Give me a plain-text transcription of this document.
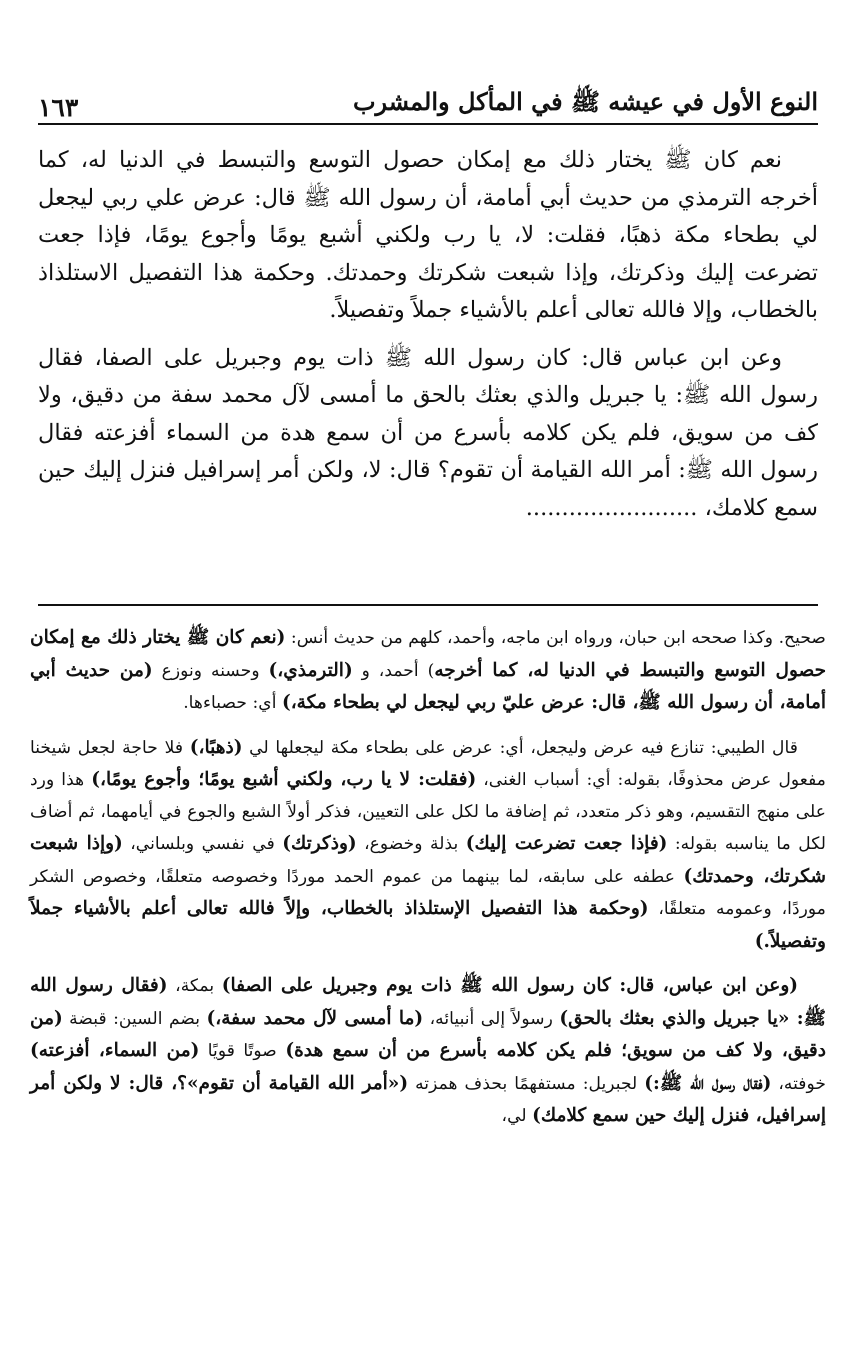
النوع الأول في عيشه ﷺ في المأكل والمشرب
١٦٣

نعم كان ﷺ يختار ذلك مع إمكان حصول التوسع والتبسط في الدنيا له، كما أخرجه الترمذي من حديث أبي أمامة، أن رسول الله ﷺ قال: عرض علي ربي ليجعل لي بطحاء مكة ذهبًا، فقلت: لا، يا رب ولكني أشبع يومًا وأجوع يومًا، فإذا جعت تضرعت إليك وذكرتك، وإذا شبعت شكرتك وحمدتك. وحكمة هذا التفصيل الاستلذاذ بالخطاب، وإلا فالله تعالى أعلم بالأشياء جملاً وتفصيلاً.

وعن ابن عباس قال: كان رسول الله ﷺ ذات يوم وجبريل على الصفا، فقال رسول الله ﷺ: يا جبريل والذي بعثك بالحق ما أمسى لآل محمد سفة من دقيق، ولا كف من سويق، فلم يكن كلامه بأسرع من أن سمع هدة من السماء أفزعته فقال رسول الله ﷺ: أمر الله القيامة أن تقوم؟ قال: لا، ولكن أمر إسرافيل فنزل إليك حين سمع كلامك، ........................

صحيح. وكذا صححه ابن حبان، ورواه ابن ماجه، وأحمد، كلهم من حديث أنس: (نعم كان ﷺ يختار ذلك مع إمكان حصول التوسع والتبسط في الدنيا له، كما أخرجه) أحمد، و (الترمذي،) وحسنه ونوزع (من حديث أبي أمامة، أن رسول الله ﷺ، قال: عرض عليّ ربي ليجعل لي بطحاء مكة،) أي: حصباءها.

قال الطيبي: تنازع فيه عرض وليجعل، أي: عرض على بطحاء مكة ليجعلها لي (ذهبًا،) فلا حاجة لجعل شيخنا مفعول عرض محذوفًا، بقوله: أي: أسباب الغنى، (فقلت: لا يا رب، ولكني أشبع يومًا؛ وأجوع يومًا،) هذا ورد على منهج التقسيم، وهو ذكر متعدد، ثم إضافة ما لكل على التعيين، فذكر أولاً الشبع والجوع في أيامهما، ثم أضاف لكل ما يناسبه بقوله: (فإذا جعت تضرعت إليك) بذلة وخضوع، (وذكرتك) في نفسي وبلساني، (وإذا شبعت شكرتك، وحمدتك) عطفه على سابقه، لما بينهما من عموم الحمد موردًا وخصوصه متعلقًا، وخصوص الشكر موردًا، وعمومه متعلقًا، (وحكمة هذا التفصيل الإستلذاذ بالخطاب، وإلاً فالله تعالى أعلم بالأشياء جملاً وتفصيلاً.)

(وعن ابن عباس، قال: كان رسول الله ﷺ ذات يوم وجبريل على الصفا) بمكة، (فقال رسول الله ﷺ: «يا جبريل والذي بعثك بالحق) رسولاً إلى أنبيائه، (ما أمسى لآل محمد سفة،) بضم السين: قبضة (من دقيق، ولا كف من سويق؛ فلم يكن كلامه بأسرع من أن سمع هدة) صوتًا قويًا (من السماء، أفزعته) خوفته، (فقال رسول الله ﷺ:) لجبريل: مستفهمًا بحذف همزته («أمر الله القيامة أن تقوم»؟، قال: لا ولكن أمر إسرافيل، فنزل إليك حين سمع كلامك) لي،
